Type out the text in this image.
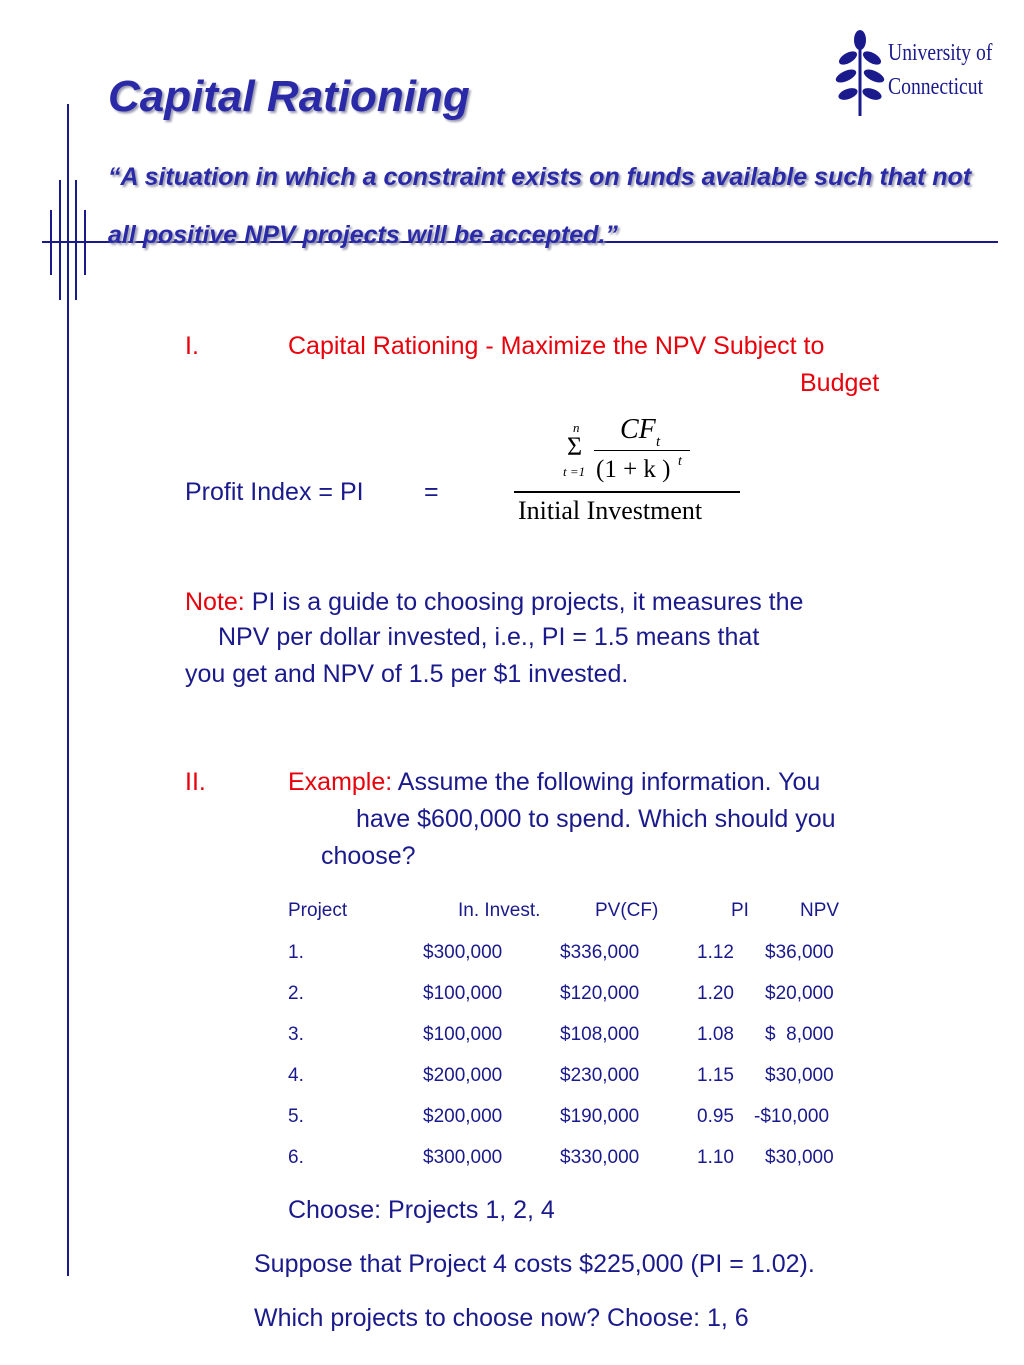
Capital Rationing
“A situation in which a constraint exists on funds available such that not all positive NPV projects will be accepted.”
University of
Connecticut
I.	Capital Rationing - Maximize the NPV Subject to
Budget
Profit Index = PI =
n
Σ
t =1
CF t
(1 + k ) t
Initial Investment
Note: PI is a guide to choosing projects, it measures the
NPV per dollar invested, i.e., PI = 1.5 means that
you get and NPV of 1.5 per $1 invested.
II.	Example: Assume the following information. You
have $600,000 to spend. Which should you
choose?
Project	In. Invest.	PV(CF)	PI	NPV
1.	$300,000	$336,000	1.12 $36,000
2.	$100,000	$120,000	1.20 $20,000
3.	$100,000	$108,000	1.08 $  8,000
4.	$200,000	$230,000	1.15 $30,000
5.	$200,000	$190,000	0.95 -$10,000
6.	$300,000	$330,000	1.10 $30,000
Choose: Projects 1, 2, 4
Suppose that Project 4 costs $225,000 (PI = 1.02).
Which projects to choose now? Choose: 1, 6
